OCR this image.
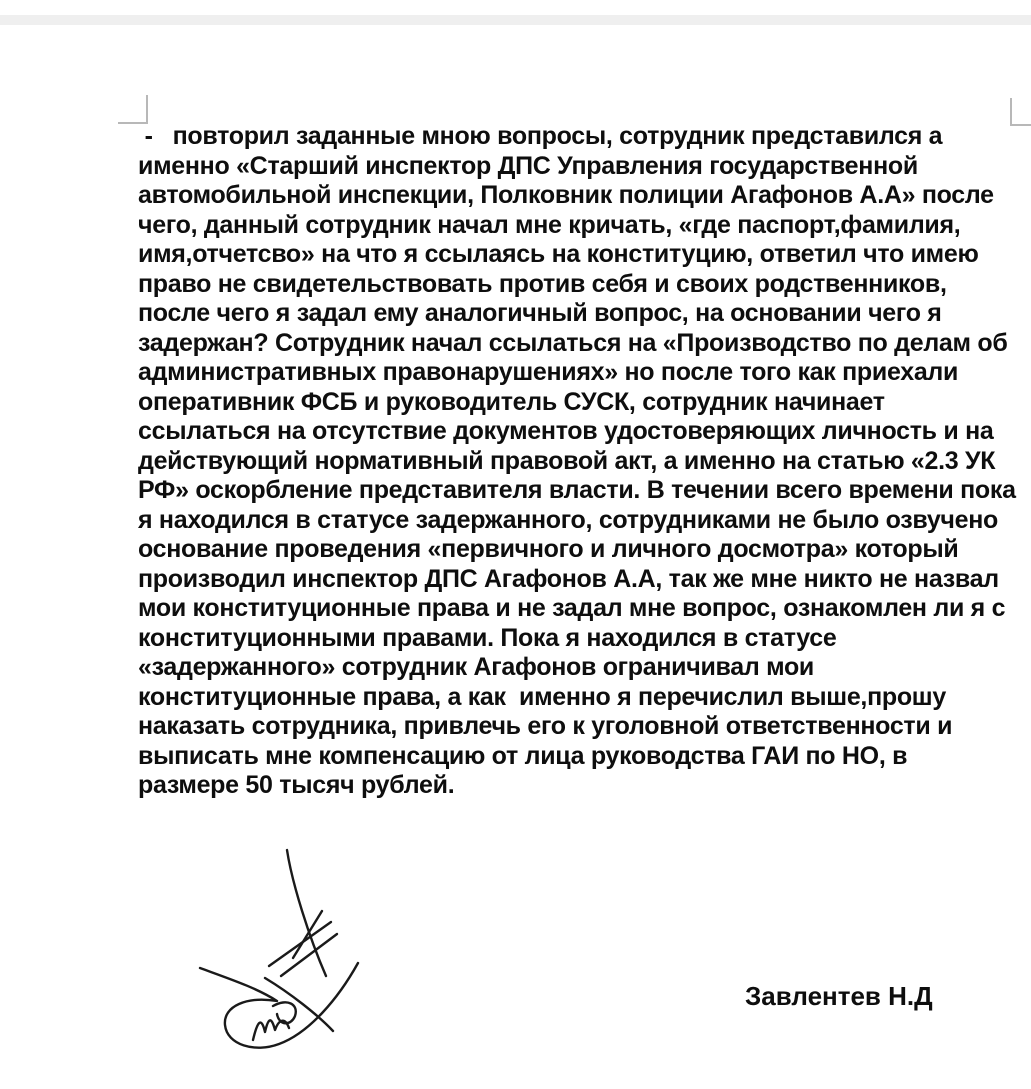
-   повторил заданные мною вопросы, сотрудник представился а
именно «Старший инспектор ДПС Управления государственной
автомобильной инспекции, Полковник полиции Агафонов А.А» после
чего, данный сотрудник начал мне кричать, «где паспорт,фамилия,
имя,отчетсво» на что я ссылаясь на конституцию, ответил что имею
право не свидетельствовать против себя и своих родственников,
после чего я задал ему аналогичный вопрос, на основании чего я
задержан? Сотрудник начал ссылаться на «Производство по делам об
административных правонарушениях» но после того как приехали
оперативник ФСБ и руководитель СУСК, сотрудник начинает
ссылаться на отсутствие документов удостоверяющих личность и на
действующий нормативный правовой акт, а именно на статью «2.3 УК
РФ» оскорбление представителя власти. В течении всего времени пока
я находился в статусе задержанного, сотрудниками не было озвучено
основание проведения «первичного и личного досмотра» который
производил инспектор ДПС Агафонов А.А, так же мне никто не назвал
мои конституционные права и не задал мне вопрос, ознакомлен ли я с
конституционными правами. Пока я находился в статусе
«задержанного» сотрудник Агафонов ограничивал мои
конституционные права, а как  именно я перечислил выше,прошу
наказать сотрудника, привлечь его к уголовной ответственности и
выписать мне компенсацию от лица руководства ГАИ по НО, в
размере 50 тысяч рублей.
Завлентев Н.Д
